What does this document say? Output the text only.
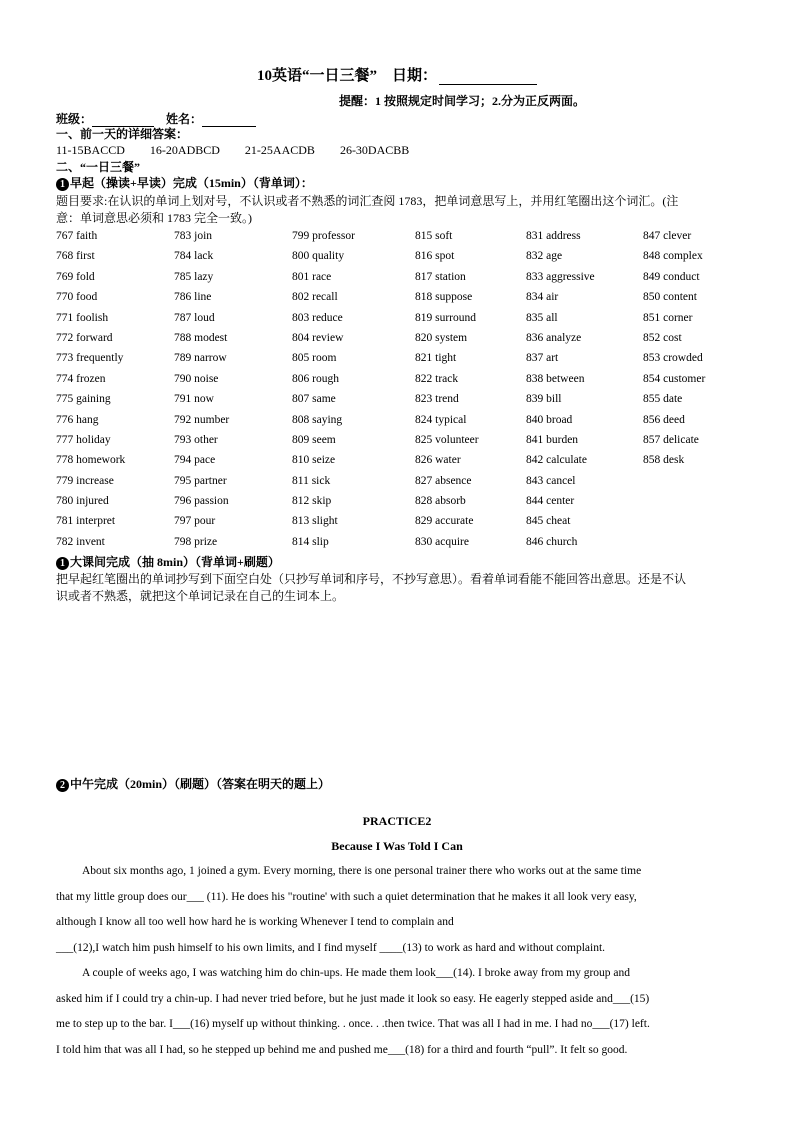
10英语“一日三餐” 日期：
提醒：1 按照规定时间学习；2.分为正反两面。
班级：	姓名：
一、前一天的详细答案：
11-15BACCD 16-20ADBCD 21-25AACDB 26-30DACBB
二、“一日三餐”
1 早起（操读+早读）完成（15min）（背单词）：
题目要求:在认识的单词上划对号，不认识或者不熟悉的词汇查阅 1783，把单词意思写上，并用红笔圈出这个词汇。(注
意：单词意思必须和 1783 完全一致。)
767 faith
768 first
769 fold
770 food
771 foolish
772 forward
773 frequently
774 frozen
775 gaining
776 hang
777 holiday
778 homework
779 increase
780 injured
781 interpret
782 invent
783 join
784 lack
785 lazy
786 line
787 loud
788 modest
789 narrow
790 noise
791 now
792 number
793 other
794 pace
795 partner
796 passion
797 pour
798 prize
799 professor
800 quality
801 race
802 recall
803 reduce
804 review
805 room
806 rough
807 same
808 saying
809 seem
810 seize
811 sick
812 skip
813 slight
814 slip
815 soft
816 spot
817 station
818 suppose
819 surround
820 system
821 tight
822 track
823 trend
824 typical
825 volunteer
826 water
827 absence
828 absorb
829 accurate
830 acquire
831 address
832 age
833 aggressive
834 air
835 all
836 analyze
837 art
838 between
839 bill
840 broad
841 burden
842 calculate
843 cancel
844 center
845 cheat
846 church
847 clever
848 complex
849 conduct
850 content
851 corner
852 cost
853 crowded
854 customer
855 date
856 deed
857 delicate
858 desk
1 大课间完成（抽 8min）（背单词+刷题）
把早起红笔圈出的单词抄写到下面空白处（只抄写单词和序号，不抄写意思）。看着单词看能不能回答出意思。还是不认
识或者不熟悉，就把这个单词记录在自己的生词本上。
2 中午完成（20min）（刷题）（答案在明天的题上）
PRACTICE2
Because I Was Told I Can

About six months ago, 1 joined a gym. Every morning, there is one personal trainer there who works out at the same time

that my little group does our___ (11). He does his "routine' with such a quiet determination that he makes it all look very easy,

although I know all too well how hard he is working Whenever I tend to complain and

___(12),I watch him push himself to his own limits, and I find myself ____(13) to work as hard and without complaint.

A couple of weeks ago, I was watching him do chin-ups. He made them look___(14). I broke away from my group and

asked him if I could try a chin-up. I had never tried before, but he just made it look so easy. He eagerly stepped aside and___(15)

me to step up to the bar. I___(16) myself up without thinking. . once. . .then twice. That was all I had in me. I had no___(17) left.

I told him that was all I had, so he stepped up behind me and pushed me___(18) for a third and fourth “pull”. It felt so good.
